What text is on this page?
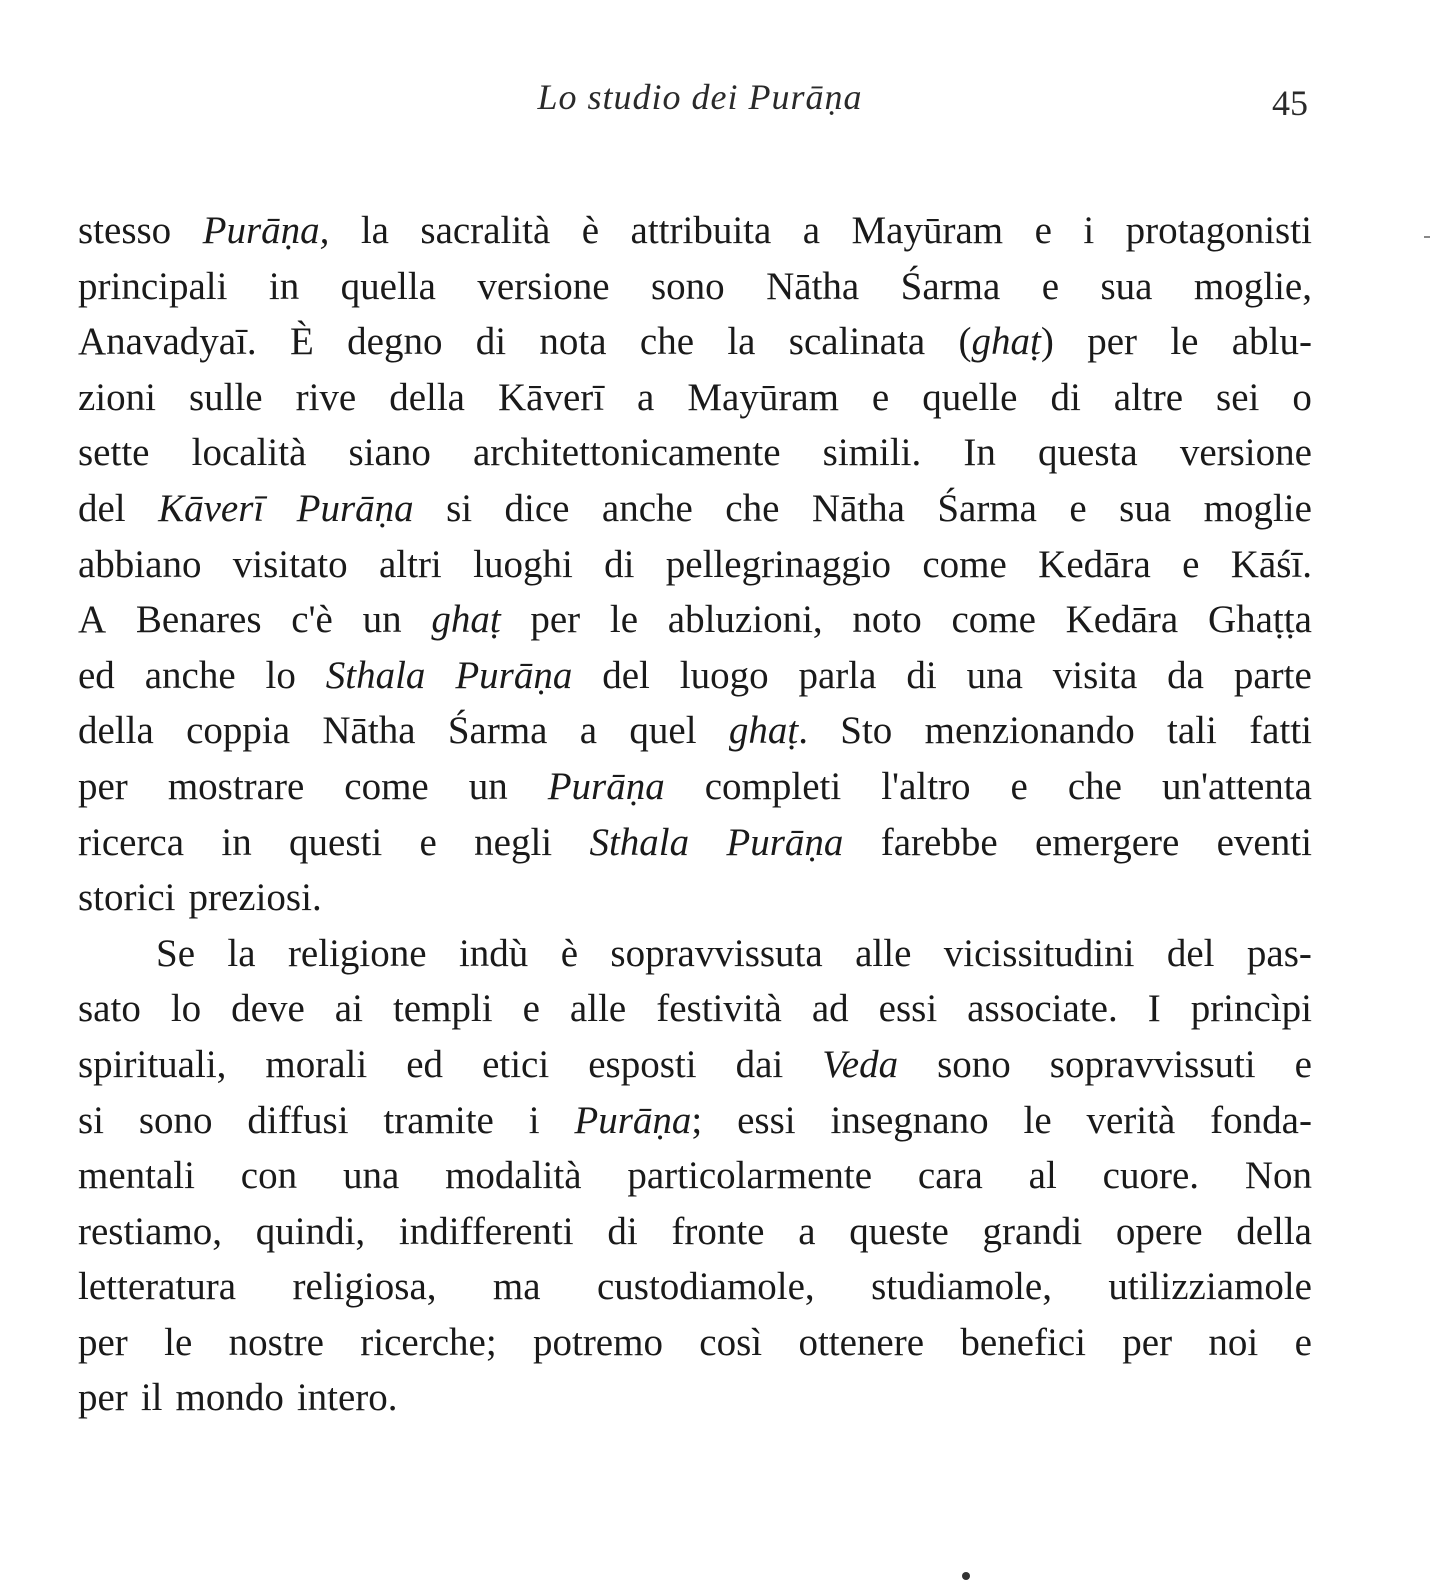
Lo studio dei Purāṇa	45
stesso Purāṇa, la sacralità è attribuita a Mayūram e i protagonisti
principali in quella versione sono Nātha Śarma e sua moglie,
Anavadyaī. È degno di nota che la scalinata (ghaṭ) per le ablu-
zioni sulle rive della Kāverī a Mayūram e quelle di altre sei o
sette località siano architettonicamente simili. In questa versione
del Kāverī Purāṇa si dice anche che Nātha Śarma e sua moglie
abbiano visitato altri luoghi di pellegrinaggio come Kedāra e Kāśī.
A Benares c'è un ghaṭ per le abluzioni, noto come Kedāra Ghaṭṭa
ed anche lo Sthala Purāṇa del luogo parla di una visita da parte
della coppia Nātha Śarma a quel ghaṭ. Sto menzionando tali fatti
per mostrare come un Purāṇa completi l'altro e che un'attenta
ricerca in questi e negli Sthala Purāṇa farebbe emergere eventi
storici preziosi.
Se la religione indù è sopravvissuta alle vicissitudini del pas-
sato lo deve ai templi e alle festività ad essi associate. I princìpi
spirituali, morali ed etici esposti dai Veda sono sopravvissuti e
si sono diffusi tramite i Purāṇa; essi insegnano le verità fonda-
mentali con una modalità particolarmente cara al cuore. Non
restiamo, quindi, indifferenti di fronte a queste grandi opere della
letteratura religiosa, ma custodiamole, studiamole, utilizziamole
per le nostre ricerche; potremo così ottenere benefici per noi e
per il mondo intero.
